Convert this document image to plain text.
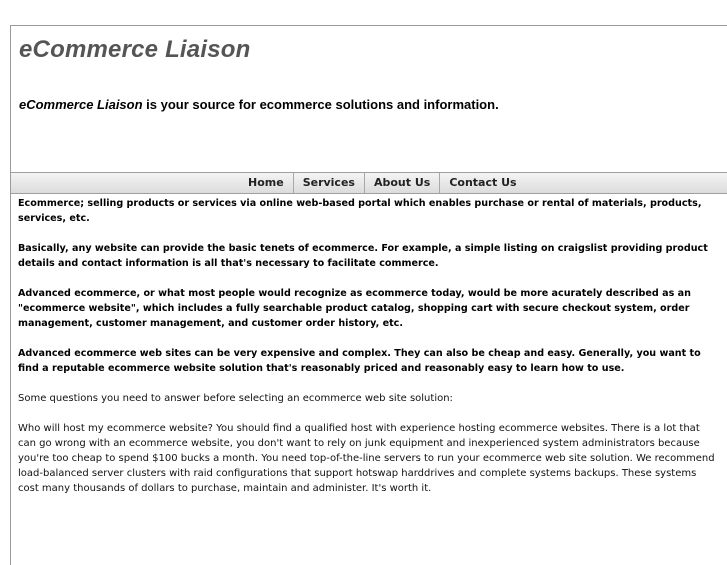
eCommerce Liaison

eCommerce Liaison is your source for ecommerce solutions and information.

Home	Services	About Us	Contact Us

Ecommerce; selling products or services via online web-based portal which enables purchase or rental of materials, products, services, etc.

Basically, any website can provide the basic tenets of ecommerce. For example, a simple listing on craigslist providing product details and contact information is all that's necessary to facilitate commerce.

Advanced ecommerce, or what most people would recognize as ecommerce today, would be more acurately described as an "ecommerce website", which includes a fully searchable product catalog, shopping cart with secure checkout system, order management, customer management, and customer order history, etc.

Advanced ecommerce web sites can be very expensive and complex. They can also be cheap and easy. Generally, you want to find a reputable ecommerce website solution that's reasonably priced and reasonably easy to learn how to use.

Some questions you need to answer before selecting an ecommerce web site solution:

Who will host my ecommerce website? You should find a qualified host with experience hosting ecommerce websites. There is a lot that can go wrong with an ecommerce website, you don't want to rely on junk equipment and inexperienced system administrators because you're too cheap to spend $100 bucks a month. You need top-of-the-line servers to run your ecommerce web site solution. We recommend load-balanced server clusters with raid configurations that support hotswap harddrives and complete systems backups. These systems cost many thousands of dollars to purchase, maintain and administer. It's worth it.
